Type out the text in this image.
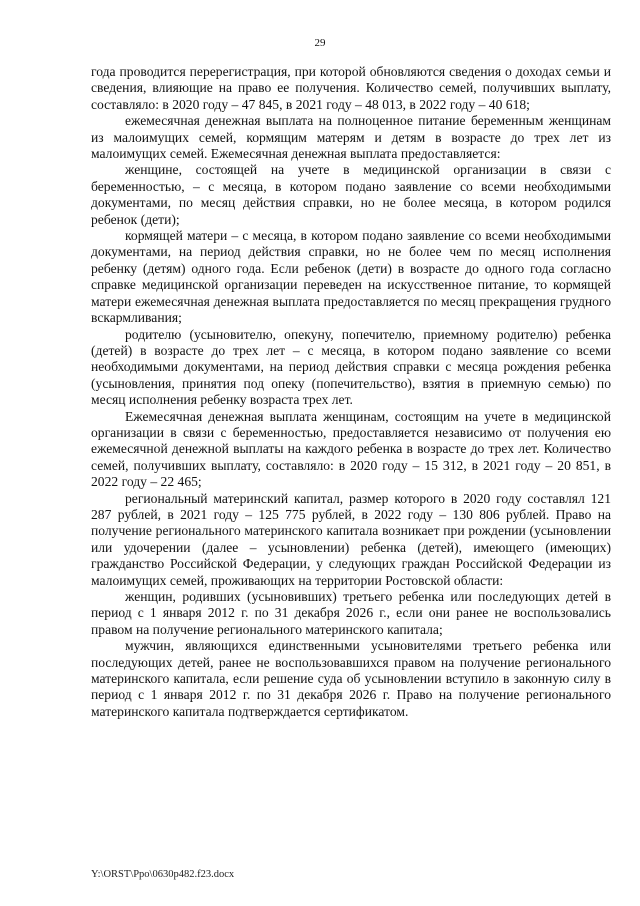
29

года проводится перерегистрация, при которой обновляются сведения о доходах семьи и сведения, влияющие на право ее получения. Количество семей, получивших выплату, составляло: в 2020 году – 47 845, в 2021 году – 48 013, в 2022 году – 40 618;

ежемесячная денежная выплата на полноценное питание беременным женщинам из малоимущих семей, кормящим матерям и детям в возрасте до трех лет из малоимущих семей. Ежемесячная денежная выплата предоставляется:

женщине, состоящей на учете в медицинской организации в связи с беременностью, – с месяца, в котором подано заявление со всеми необходимыми документами, по месяц действия справки, но не более месяца, в котором родился ребенок (дети);

кормящей матери – с месяца, в котором подано заявление со всеми необходимыми документами, на период действия справки, но не более чем по месяц исполнения ребенку (детям) одного года. Если ребенок (дети) в возрасте до одного года согласно справке медицинской организации переведен на искусственное питание, то кормящей матери ежемесячная денежная выплата предоставляется по месяц прекращения грудного вскармливания;

родителю (усыновителю, опекуну, попечителю, приемному родителю) ребенка (детей) в возрасте до трех лет – с месяца, в котором подано заявление со всеми необходимыми документами, на период действия справки с месяца рождения ребенка (усыновления, принятия под опеку (попечительство), взятия в приемную семью) по месяц исполнения ребенку возраста трех лет.

Ежемесячная денежная выплата женщинам, состоящим на учете в медицинской организации в связи с беременностью, предоставляется независимо от получения ею ежемесячной денежной выплаты на каждого ребенка в возрасте до трех лет. Количество семей, получивших выплату, составляло: в 2020 году – 15 312, в 2021 году – 20 851, в 2022 году – 22 465;

региональный материнский капитал, размер которого в 2020 году составлял 121 287 рублей, в 2021 году – 125 775 рублей, в 2022 году – 130 806 рублей. Право на получение регионального материнского капитала возникает при рождении (усыновлении или удочерении (далее – усыновлении) ребенка (детей), имеющего (имеющих) гражданство Российской Федерации, у следующих граждан Российской Федерации из малоимущих семей, проживающих на территории Ростовской области:

женщин, родивших (усыновивших) третьего ребенка или последующих детей в период с 1 января 2012 г. по 31 декабря 2026 г., если они ранее не воспользовались правом на получение регионального материнского капитала;

мужчин, являющихся единственными усыновителями третьего ребенка или последующих детей, ранее не воспользовавшихся правом на получение регионального материнского капитала, если решение суда об усыновлении вступило в законную силу в период с 1 января 2012 г. по 31 декабря 2026 г. Право на получение регионального материнского капитала подтверждается сертификатом.

Y:\ORST\Ppo\0630p482.f23.docx
